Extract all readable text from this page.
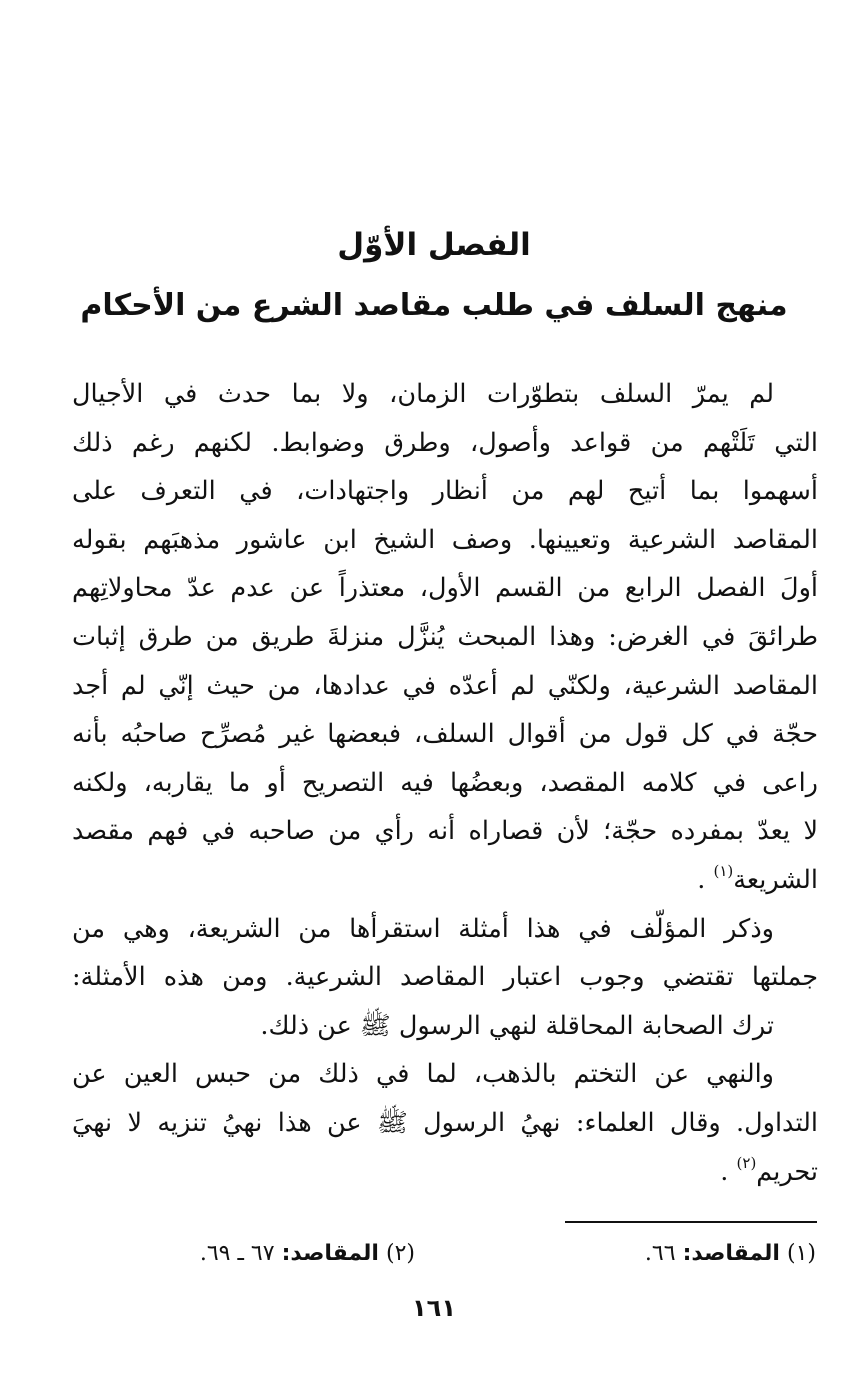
الفصل الأوّل
منهج السلف في طلب مقاصد الشرع من الأحكام
لم يمرّ السلف بتطوّرات الزمان، ولا بما حدث في الأجيال
التي تَلَتْهم من قواعد وأصول، وطرق وضوابط. لكنهم رغم ذلك
أسهموا بما أتيح لهم من أنظار واجتهادات، في التعرف على
المقاصد الشرعية وتعيينها. وصف الشيخ ابن عاشور مذهبَهم بقوله
أولَ الفصل الرابع من القسم الأول، معتذراً عن عدم عدّ محاولاتِهم
طرائقَ في الغرض: وهذا المبحث يُنزَّل منزلةَ طريق من طرق إثبات
المقاصد الشرعية، ولكنّي لم أعدّه في عدادها، من حيث إنّي لم أجد
حجّة في كل قول من أقوال السلف، فبعضها غير مُصرِّح صاحبُه بأنه
راعى في كلامه المقصد، وبعضُها فيه التصريح أو ما يقاربه، ولكنه
لا يعدّ بمفرده حجّة؛ لأن قصاراه أنه رأي من صاحبه في فهم مقصد
الشريعة$^{(١)}$ .
وذكر المؤلّف في هذا أمثلة استقرأها من الشريعة، وهي من
جملتها تقتضي وجوب اعتبار المقاصد الشرعية. ومن هذه الأمثلة:
ترك الصحابة المحاقلة لنهي الرسول ﷺ عن ذلك.
والنهي عن التختم بالذهب، لما في ذلك من حبس العين عن
التداول. وقال العلماء: نهيُ الرسول ﷺ عن هذا نهيُ تنزيه لا نهيَ
تحريم$^{(٢)}$ .
(١) المقاصد: ٦٦.
(٢) المقاصد: ٦٧ ـ ٦٩.
١٦١
